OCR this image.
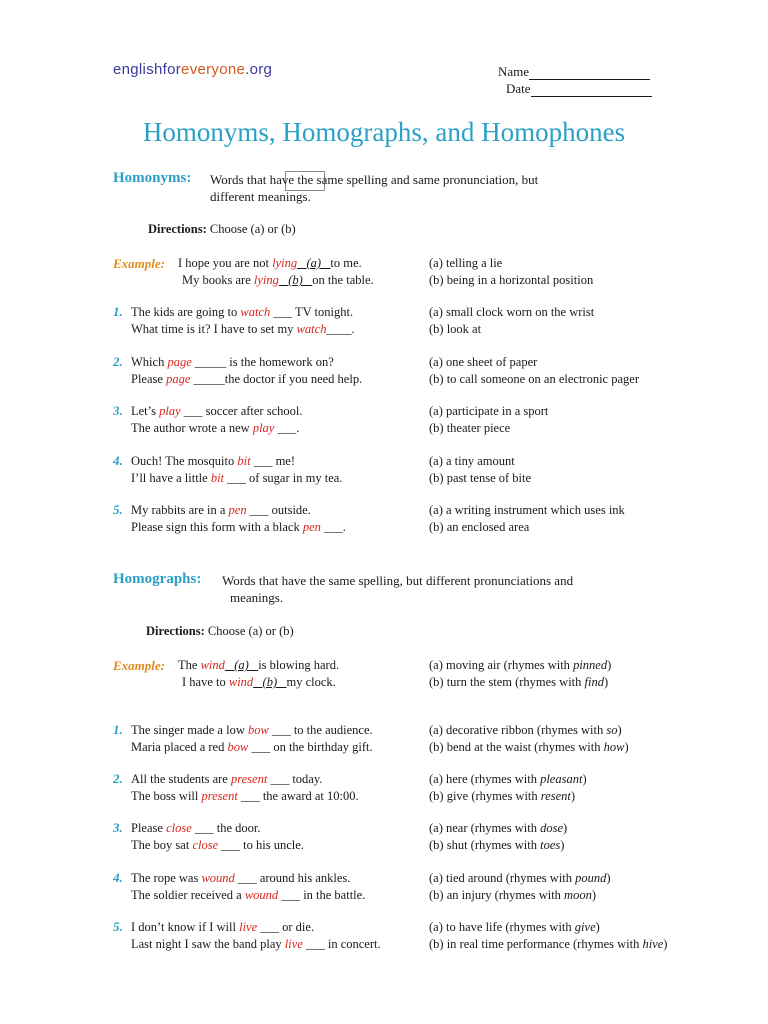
englishforeveryone.org	Name
Date
Homonyms, Homographs, and Homophones
Homonyms: Words that have the same spelling and same pronunciation, but
different meanings.
Directions: Choose (a) or (b)
Example: I hope you are not lying _(a)_ to me.
My books are lying _(b)_ on the table.
(a) telling a lie
(b) being in a horizontal position
1. The kids are going to watch ___ TV tonight.
What time is it? I have to set my watch____.
(a) small clock worn on the wrist
(b) look at
2. Which page _____ is the homework on?
Please page _____the doctor if you need help.
(a) one sheet of paper
(b) to call someone on an electronic pager
3. Let’s play ___ soccer after school.
The author wrote a new play ___.
(a) participate in a sport
(b) theater piece
4. Ouch! The mosquito bit ___ me!
I’ll have a little bit ___ of sugar in my tea.
(a) a tiny amount
(b) past tense of bite
5. My rabbits are in a pen ___ outside.
Please sign this form with a black pen ___.
(a) a writing instrument which uses ink
(b) an enclosed area
Homographs: Words that have the same spelling, but different pronunciations and
meanings.
Directions: Choose (a) or (b)
Example: The wind _(a)_ is blowing hard.
I have to wind _(b)_ my clock.
(a) moving air (rhymes with pinned)
(b) turn the stem (rhymes with find)
1. The singer made a low bow ___ to the audience.
Maria placed a red bow ___ on the birthday gift.
(a) decorative ribbon (rhymes with so)
(b) bend at the waist (rhymes with how)
2. All the students are present ___ today.
The boss will present ___ the award at 10:00.
(a) here (rhymes with pleasant)
(b) give (rhymes with resent)
3. Please close ___ the door.
The boy sat close ___ to his uncle.
(a) near (rhymes with dose)
(b) shut (rhymes with toes)
4. The rope was wound ___ around his ankles.
The soldier received a wound ___ in the battle.
(a) tied around (rhymes with pound)
(b) an injury (rhymes with moon)
5. I don’t know if I will live ___ or die.
Last night I saw the band play live ___ in concert.
(a) to have life (rhymes with give)
(b) in real time performance (rhymes with hive)
